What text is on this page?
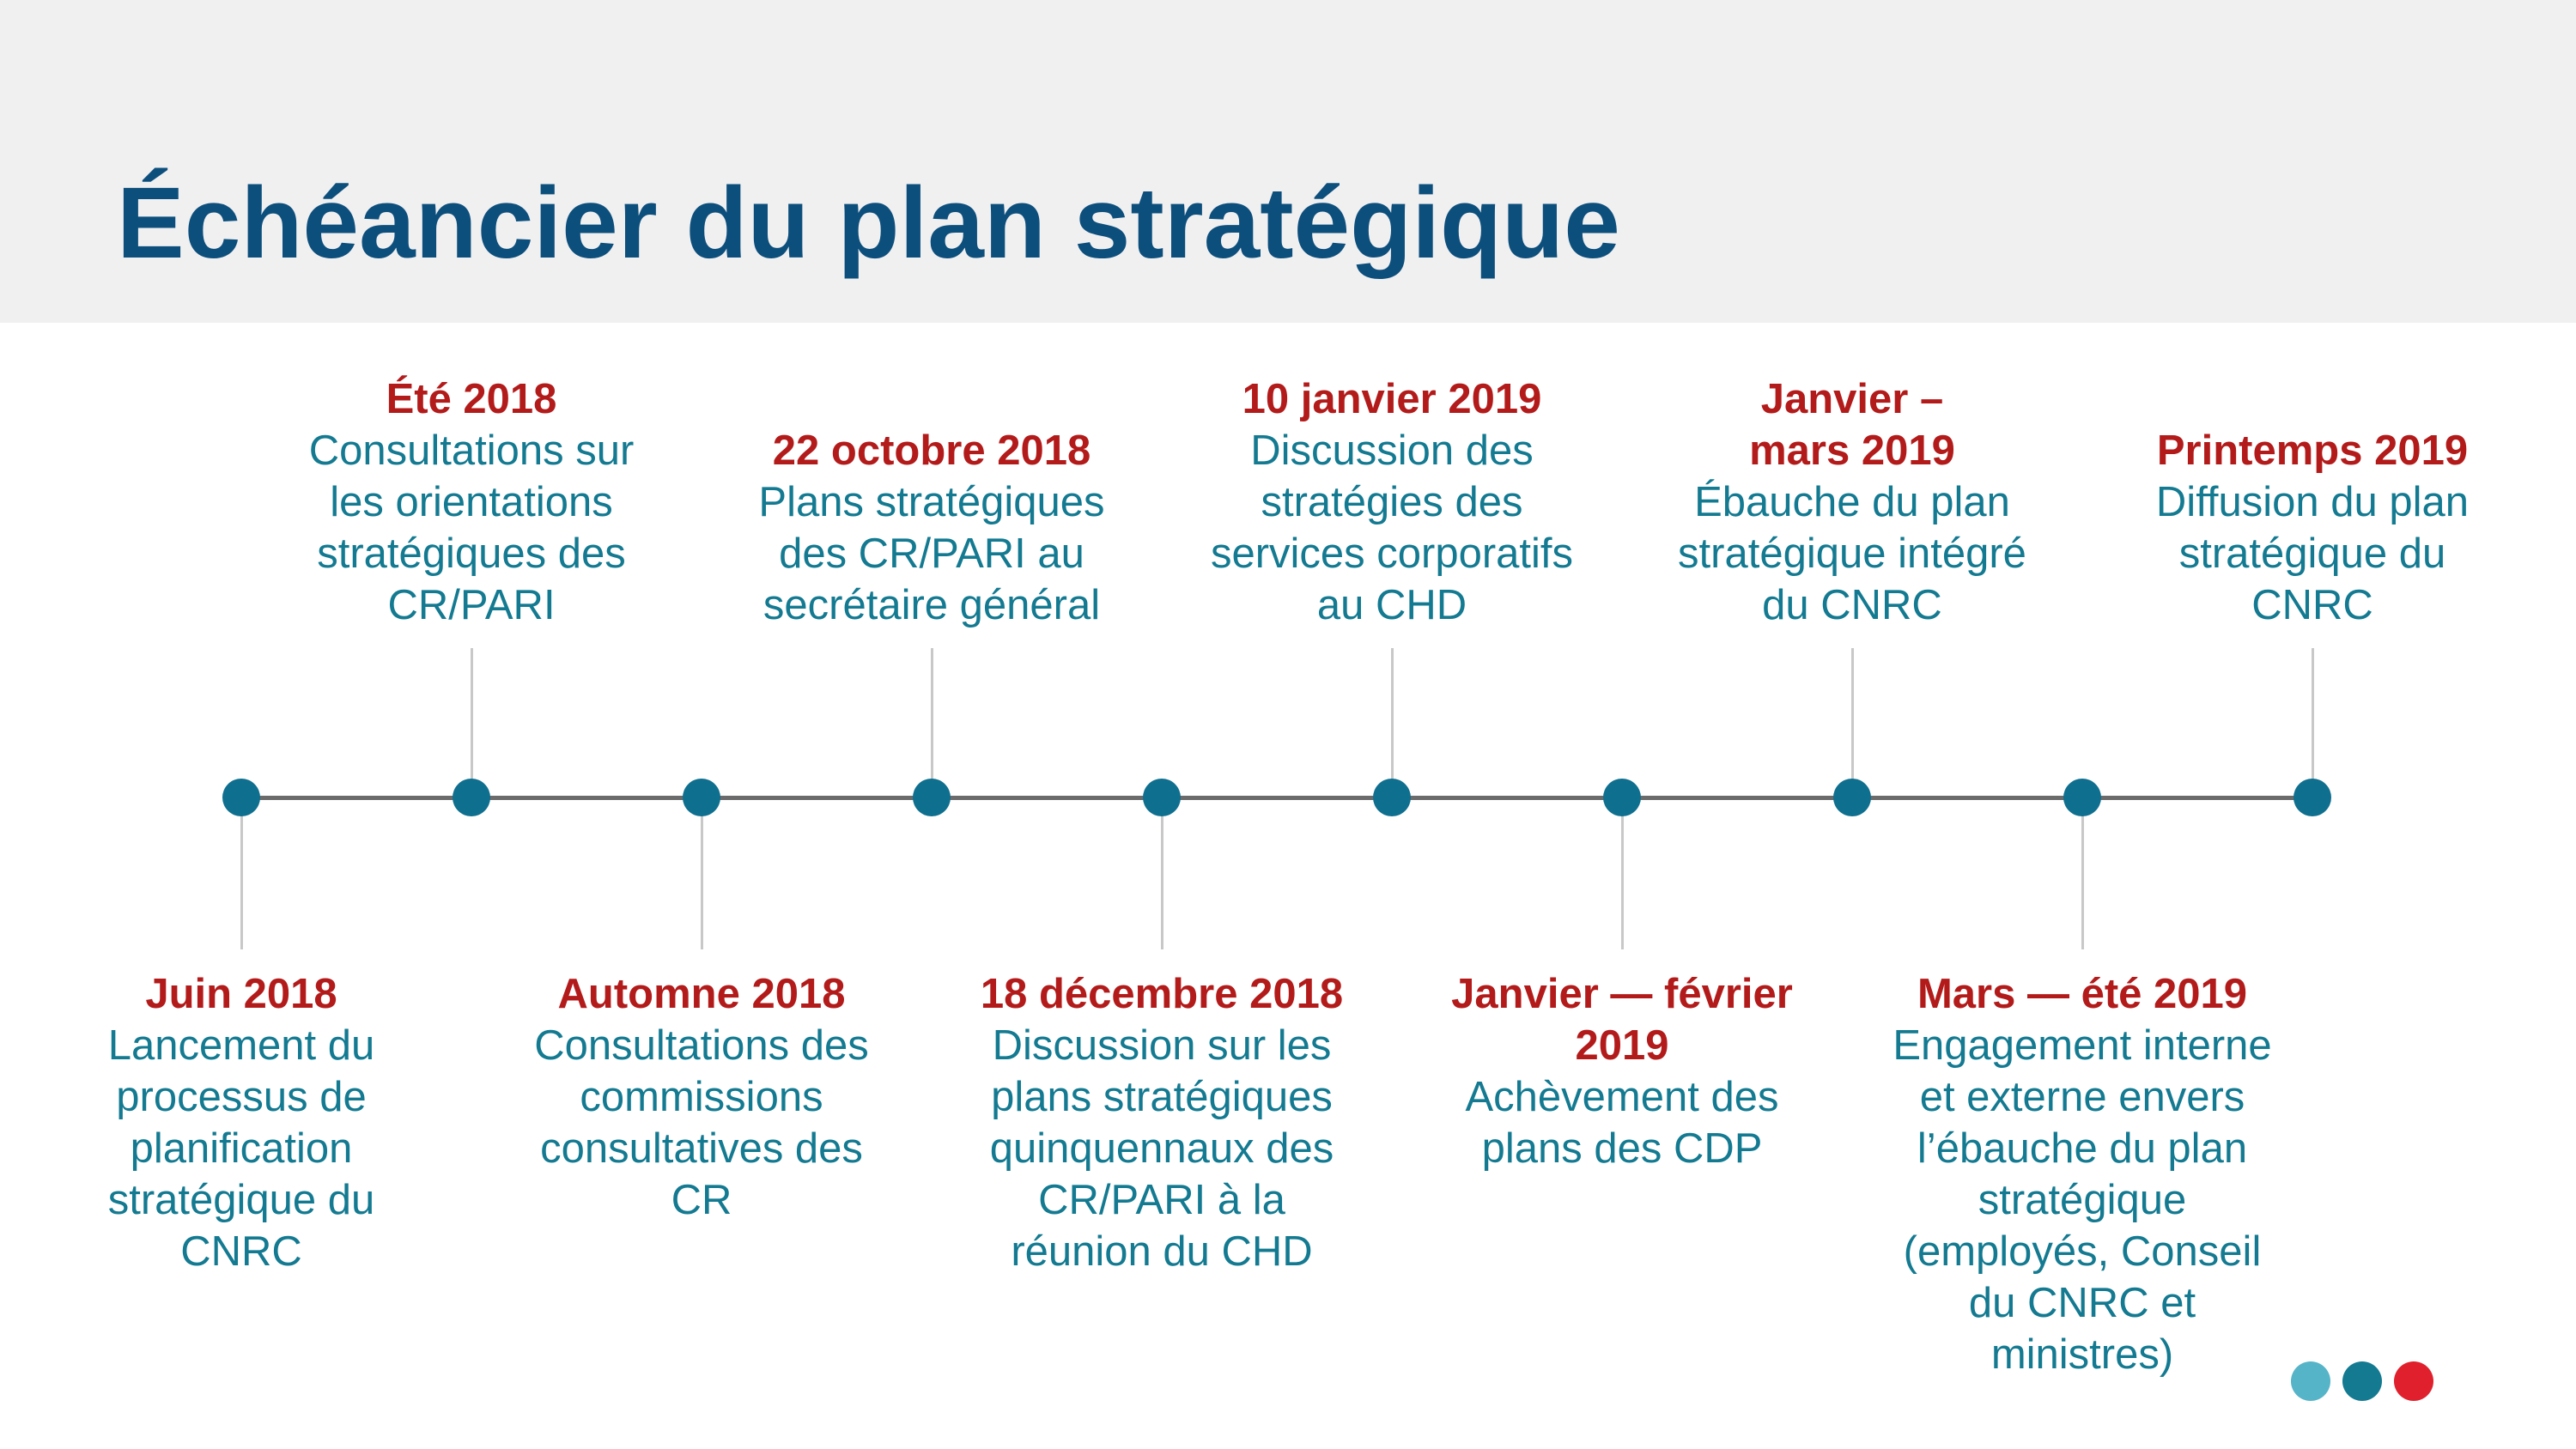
Échéancier du plan stratégique
Juin 2018
Lancement du
processus de
planification
stratégique du
CNRC
Été 2018
Consultations sur
les orientations
stratégiques des
CR/PARI
Automne 2018
Consultations des
commissions
consultatives des
CR
22 octobre 2018
Plans stratégiques
des CR/PARI au
secrétaire général
18 décembre 2018
Discussion sur les
plans stratégiques
quinquennaux des
CR/PARI à la
réunion du CHD
10 janvier 2019
Discussion des
stratégies des
services corporatifs
au CHD
Janvier — février
2019
Achèvement des
plans des CDP
Janvier –
mars 2019
Ébauche du plan
stratégique intégré
du CNRC
Mars — été 2019
Engagement interne
et externe envers
l’ébauche du plan
stratégique
(employés, Conseil
du CNRC et
ministres)
Printemps 2019
Diffusion du plan
stratégique du
CNRC
